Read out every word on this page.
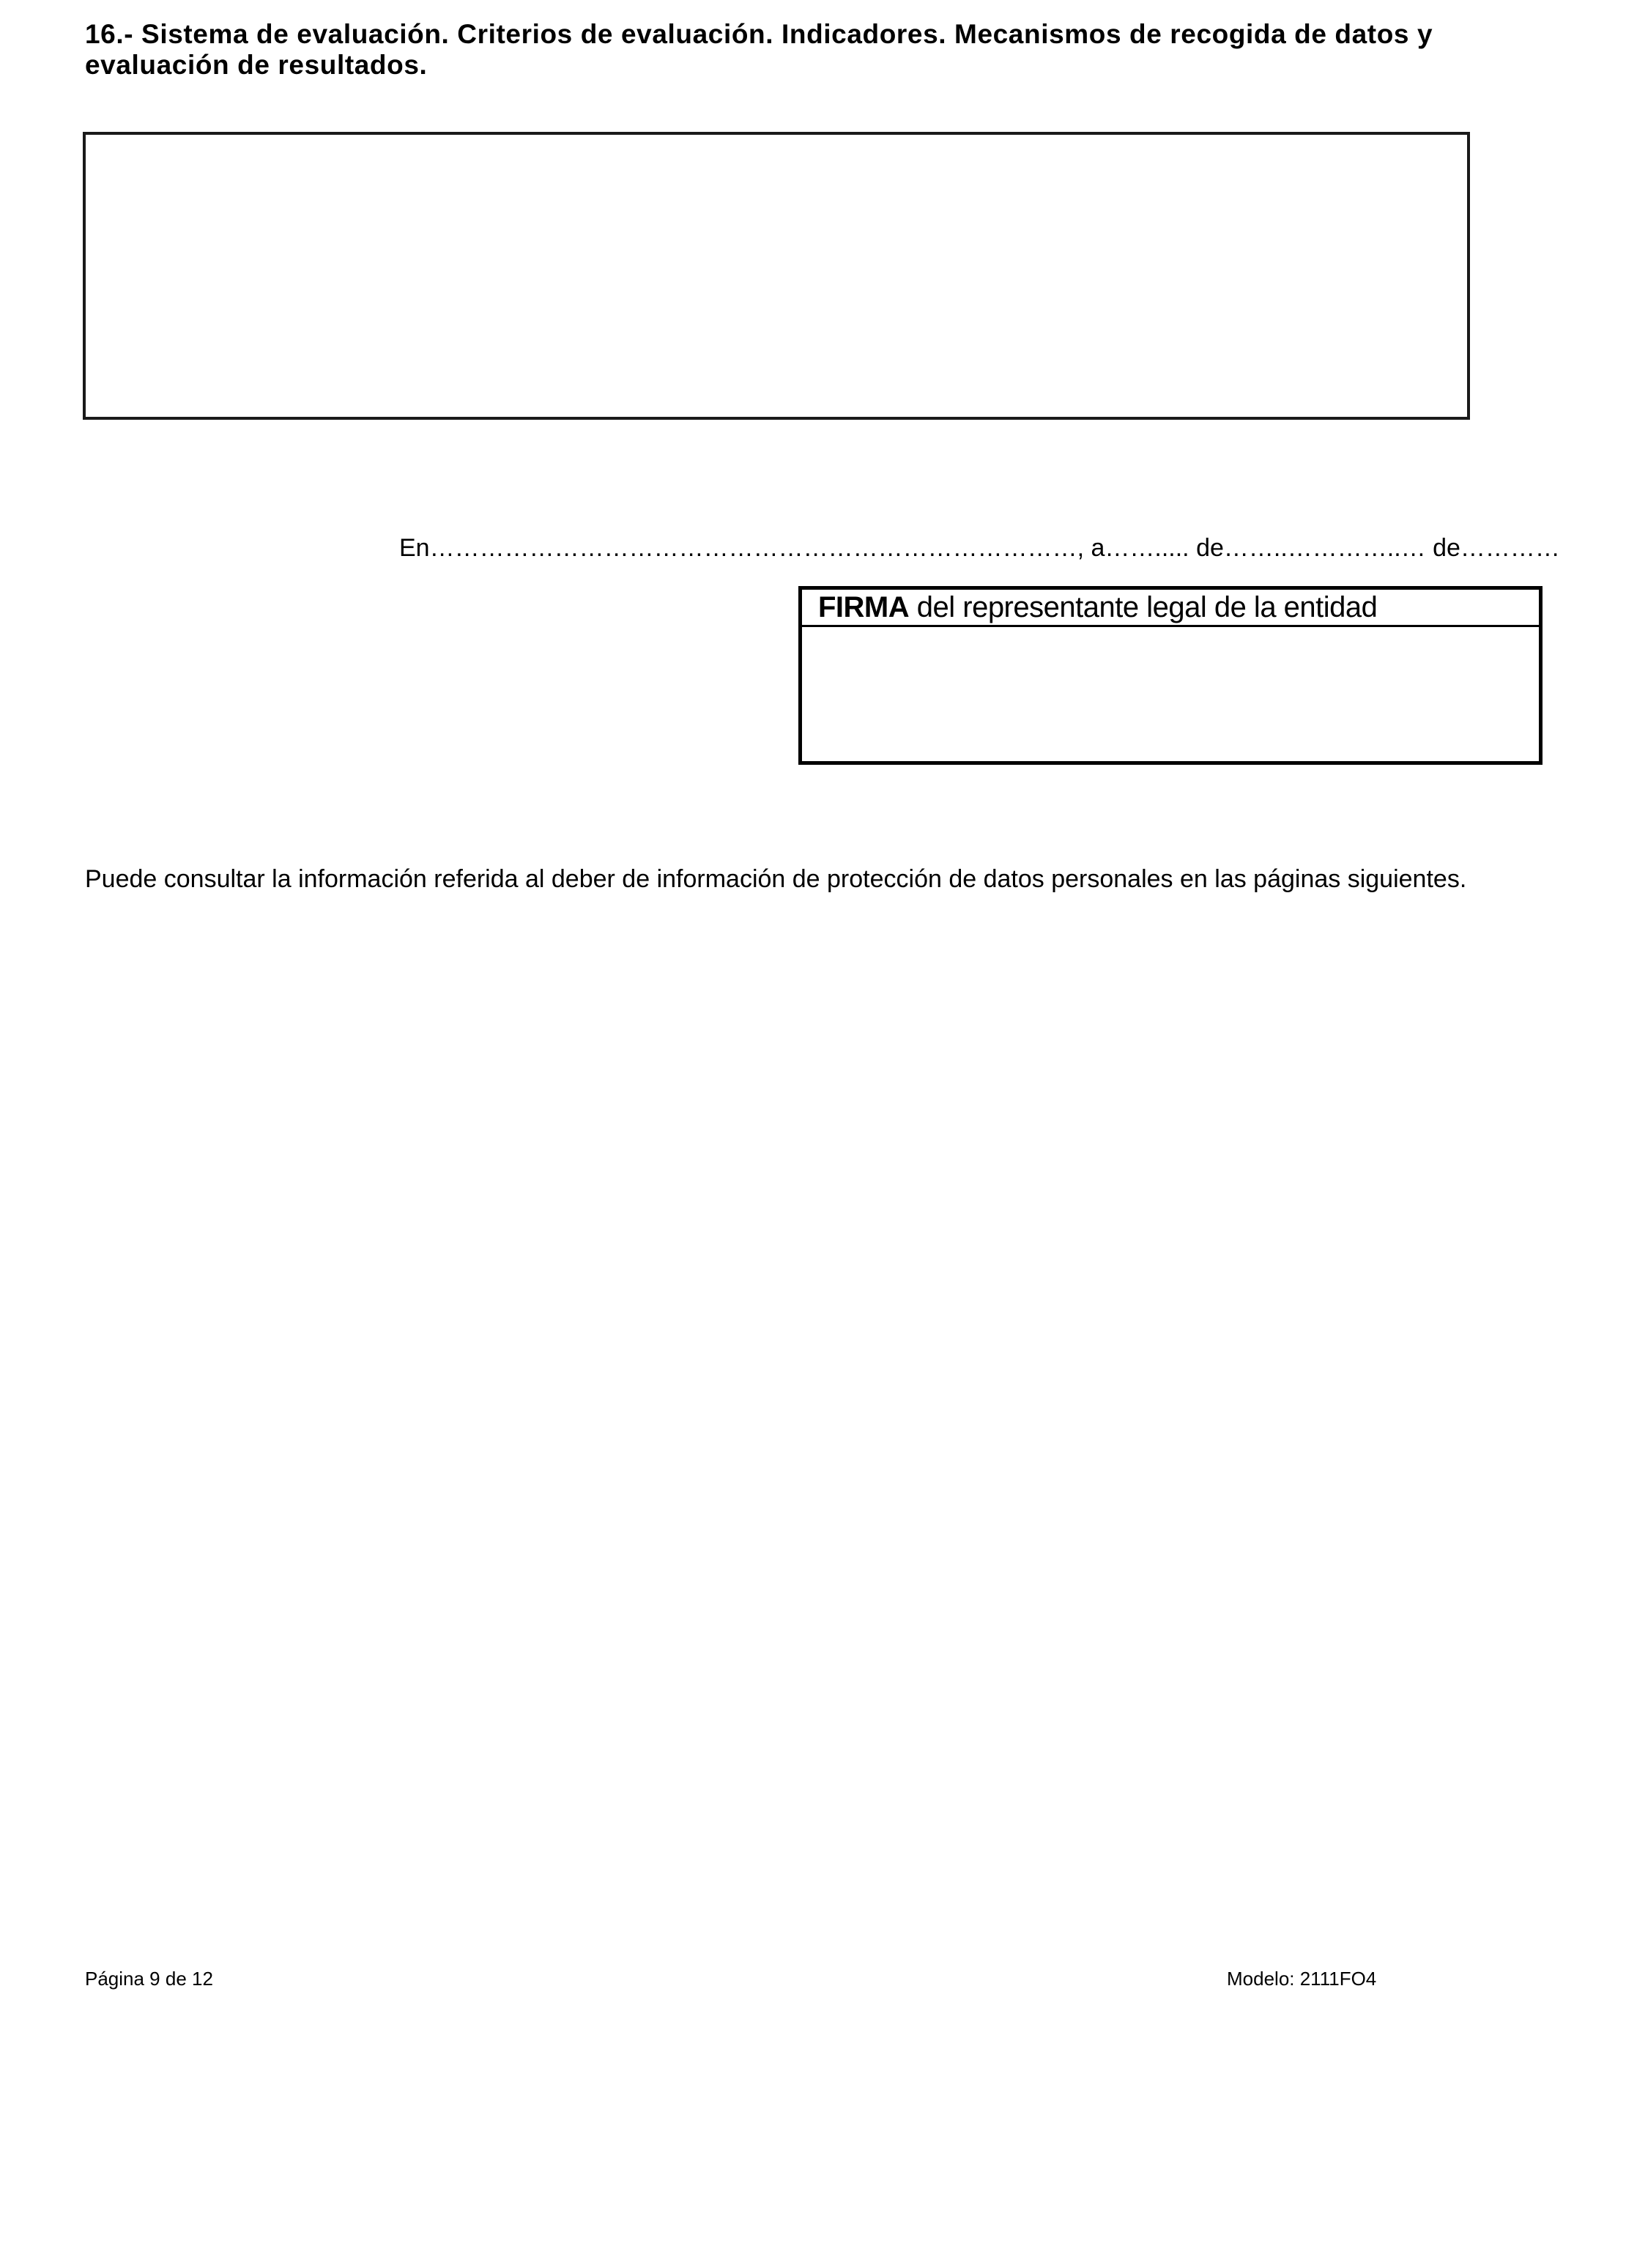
16.- Sistema de evaluación. Criterios de evaluación. Indicadores. Mecanismos de recogida de datos y evaluación de resultados.
En……………………………………………………………………, a……..... de……..…………..… de…………
FIRMA del representante legal de la entidad

Puede consultar la información referida al deber de información de protección de datos personales en las páginas siguientes.

Página 9 de 12	Modelo: 2111FO4
